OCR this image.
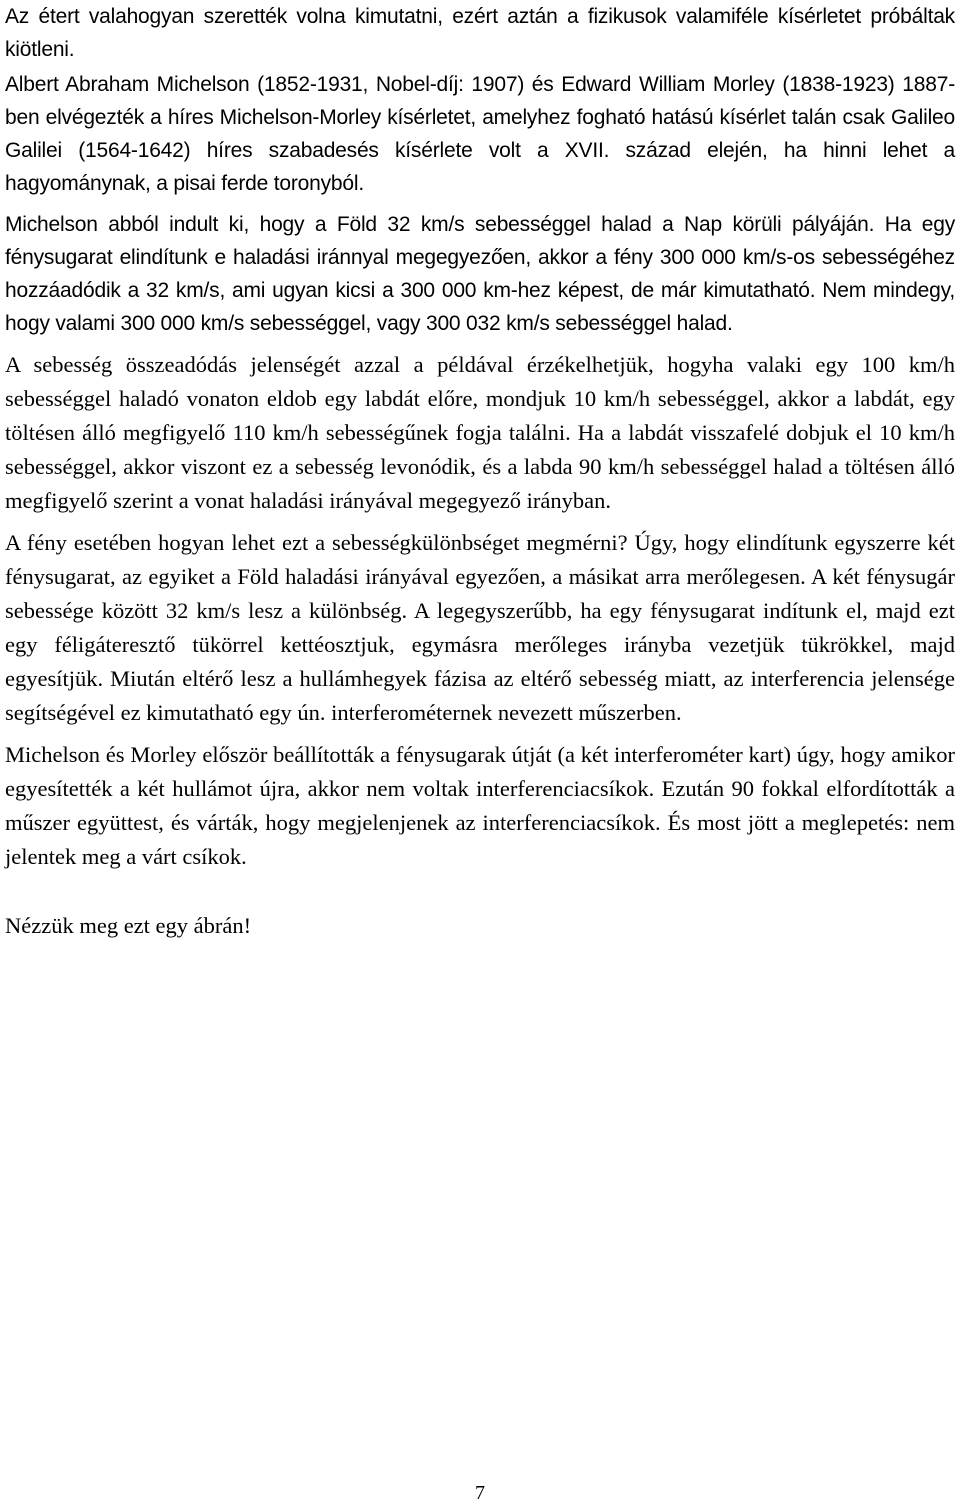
Az étert valahogyan szerették volna kimutatni, ezért aztán a fizikusok valamiféle kísérletet próbáltak kiötleni.

Albert Abraham Michelson (1852-1931, Nobel-díj: 1907) és Edward William Morley (1838-1923) 1887-ben elvégezték a híres Michelson-Morley kísérletet, amelyhez fogható hatású kísérlet talán csak Galileo Galilei (1564-1642) híres szabadesés kísérlete volt a XVII. század elején, ha hinni lehet a hagyománynak, a pisai ferde toronyból.

Michelson abból indult ki, hogy a Föld 32 km/s sebességgel halad a Nap körüli pályáján. Ha egy fénysugarat elindítunk e haladási iránnyal megegyezően, akkor a fény 300 000 km/s-os sebességéhez hozzáadódik a 32 km/s, ami ugyan kicsi a 300 000 km-hez képest, de már kimutatható. Nem mindegy, hogy valami 300 000 km/s sebességgel, vagy 300 032 km/s sebességgel halad.

A sebesség összeadódás jelenségét azzal a példával érzékelhetjük, hogyha valaki egy 100 km/h sebességgel haladó vonaton eldob egy labdát előre, mondjuk 10 km/h sebességgel, akkor a labdát, egy töltésen álló megfigyelő 110 km/h sebességűnek fogja találni. Ha a labdát visszafelé dobjuk el 10 km/h sebességgel, akkor viszont ez a sebesség levonódik, és a labda 90 km/h sebességgel halad a töltésen álló megfigyelő szerint a vonat haladási irányával megegyező irányban.

A fény esetében hogyan lehet ezt a sebességkülönbséget megmérni? Úgy, hogy elindítunk egyszerre két fénysugarat, az egyiket a Föld haladási irányával egyezően, a másikat arra merőlegesen. A két fénysugár sebessége között 32 km/s lesz a különbség. A legegyszerűbb, ha egy fénysugarat indítunk el, majd ezt egy féligáteresztő tükörrel kettéosztjuk, egymásra merőleges irányba vezetjük tükrökkel, majd egyesítjük. Miután eltérő lesz a hullámhegyek fázisa az eltérő sebesség miatt, az interferencia jelensége segítségével ez kimutatható egy ún. interferométernek nevezett műszerben.

Michelson és Morley először beállították a fénysugarak útját (a két interferométer kart) úgy, hogy amikor egyesítették a két hullámot újra, akkor nem voltak interferenciacsíkok. Ezután 90 fokkal elfordították a műszer együttest, és várták, hogy megjelenjenek az interferenciacsíkok. És most jött a meglepetés: nem jelentek meg a várt csíkok.

Nézzük meg ezt egy ábrán!

7
